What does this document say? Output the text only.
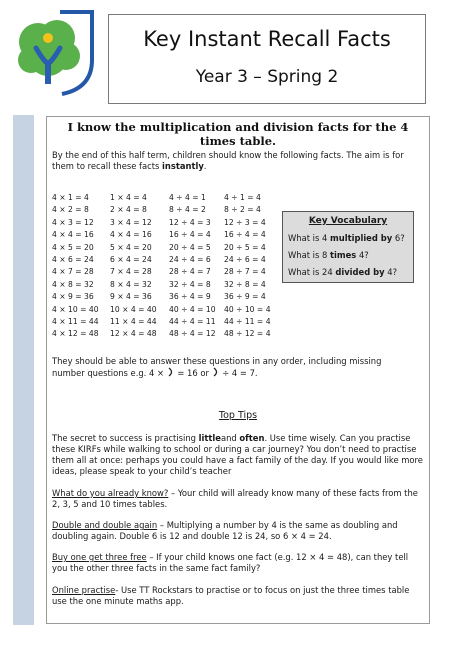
Key Instant Recall Facts
Year 3 – Spring 2
I know the multiplication and division facts for the 4 times table.
By the end of this half term, children should know the following facts. The aim is for them to recall these facts instantly.
4 × 1 = 4	1 × 4 = 4	4 ÷ 4 = 1 4 ÷ 1 = 4
4 × 2 = 8	2 × 4 = 8	8 ÷ 4 = 2 8 ÷ 2 = 4
4 × 3 = 12 3 × 4 = 12 12 ÷ 4 = 3 12 ÷ 3 = 4
4 × 4 = 16 4 × 4 = 16 16 ÷ 4 = 4 16 ÷ 4 = 4
4 × 5 = 20 5 × 4 = 20 20 ÷ 4 = 5 20 ÷ 5 = 4
4 × 6 = 24 6 × 4 = 24 24 ÷ 4 = 6 24 ÷ 6 = 4
4 × 7 = 28 7 × 4 = 28 28 ÷ 4 = 7 28 ÷ 7 = 4
4 × 8 = 32 8 × 4 = 32 32 ÷ 4 = 8 32 ÷ 8 = 4
4 × 9 = 36 9 × 4 = 36 36 ÷ 4 = 9 36 ÷ 9 = 4
4 × 10 = 40 10 × 4 = 40 40 ÷ 4 = 10 40 ÷ 10 = 4
4 × 11 = 44 11 × 4 = 44 44 ÷ 4 = 11 44 ÷ 11 = 4
4 × 12 = 48 12 × 4 = 48 48 ÷ 4 = 12 48 ÷ 12 = 4
Key Vocabulary
What is 4 multiplied by 6?
What is 8 times 4?
What is 24 divided by 4?
They should be able to answer these questions in any order, including missing
number questions e.g. 4 ×  = 16 or  ÷ 4 = 7.
Top Tips
The secret to success is practising littleand often. Use time wisely. Can you practise these KIRFs while walking to school or during a car journey? You don’t need to practise them all at once: perhaps you could have a fact family of the day. If you would like more ideas, please speak to your child’s teacher
What do you already know? – Your child will already know many of these facts from the 2, 3, 5 and 10 times tables.
Double and double again – Multiplying a number by 4 is the same as doubling and doubling again. Double 6 is 12 and double 12 is 24, so 6 × 4 = 24.
Buy one get three free – If your child knows one fact (e.g. 12 × 4 = 48), can they tell you the other three facts in the same fact family?
Online practise- Use TT Rockstars to practise or to focus on just the three times table use the one minute maths app.
